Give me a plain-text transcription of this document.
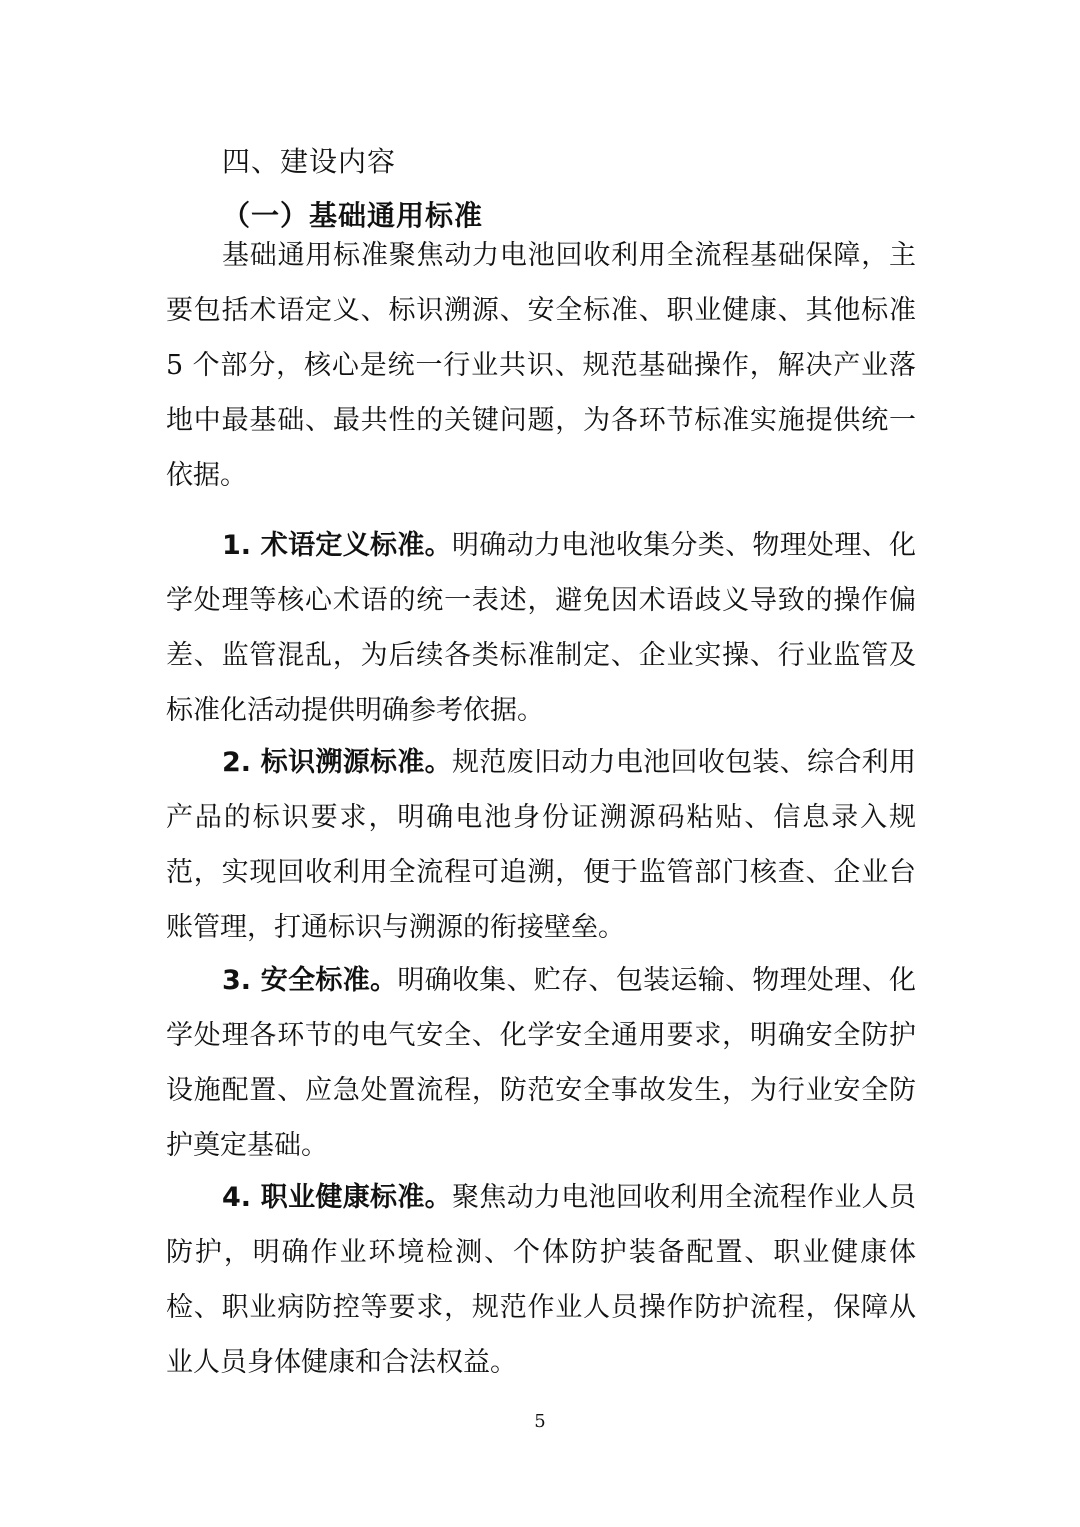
四、建设内容
（一）基础通用标准

基础通用标准聚焦动力电池回收利用全流程基础保障，主要包括术语定义、标识溯源、安全标准、职业健康、其他标准 5 个部分，核心是统一行业共识、规范基础操作，解决产业落地中最基础、最共性的关键问题，为各环节标准实施提供统一依据。

1. 术语定义标准。明确动力电池收集分类、物理处理、化学处理等核心术语的统一表述，避免因术语歧义导致的操作偏差、监管混乱，为后续各类标准制定、企业实操、行业监管及标准化活动提供明确参考依据。

2. 标识溯源标准。规范废旧动力电池回收包装、综合利用产品的标识要求，明确电池身份证溯源码粘贴、信息录入规范，实现回收利用全流程可追溯，便于监管部门核查、企业台账管理，打通标识与溯源的衔接壁垒。

3. 安全标准。明确收集、贮存、包装运输、物理处理、化学处理各环节的电气安全、化学安全通用要求，明确安全防护设施配置、应急处置流程，防范安全事故发生，为行业安全防护奠定基础。

4. 职业健康标准。聚焦动力电池回收利用全流程作业人员防护，明确作业环境检测、个体防护装备配置、职业健康体检、职业病防控等要求，规范作业人员操作防护流程，保障从业人员身体健康和合法权益。

5
